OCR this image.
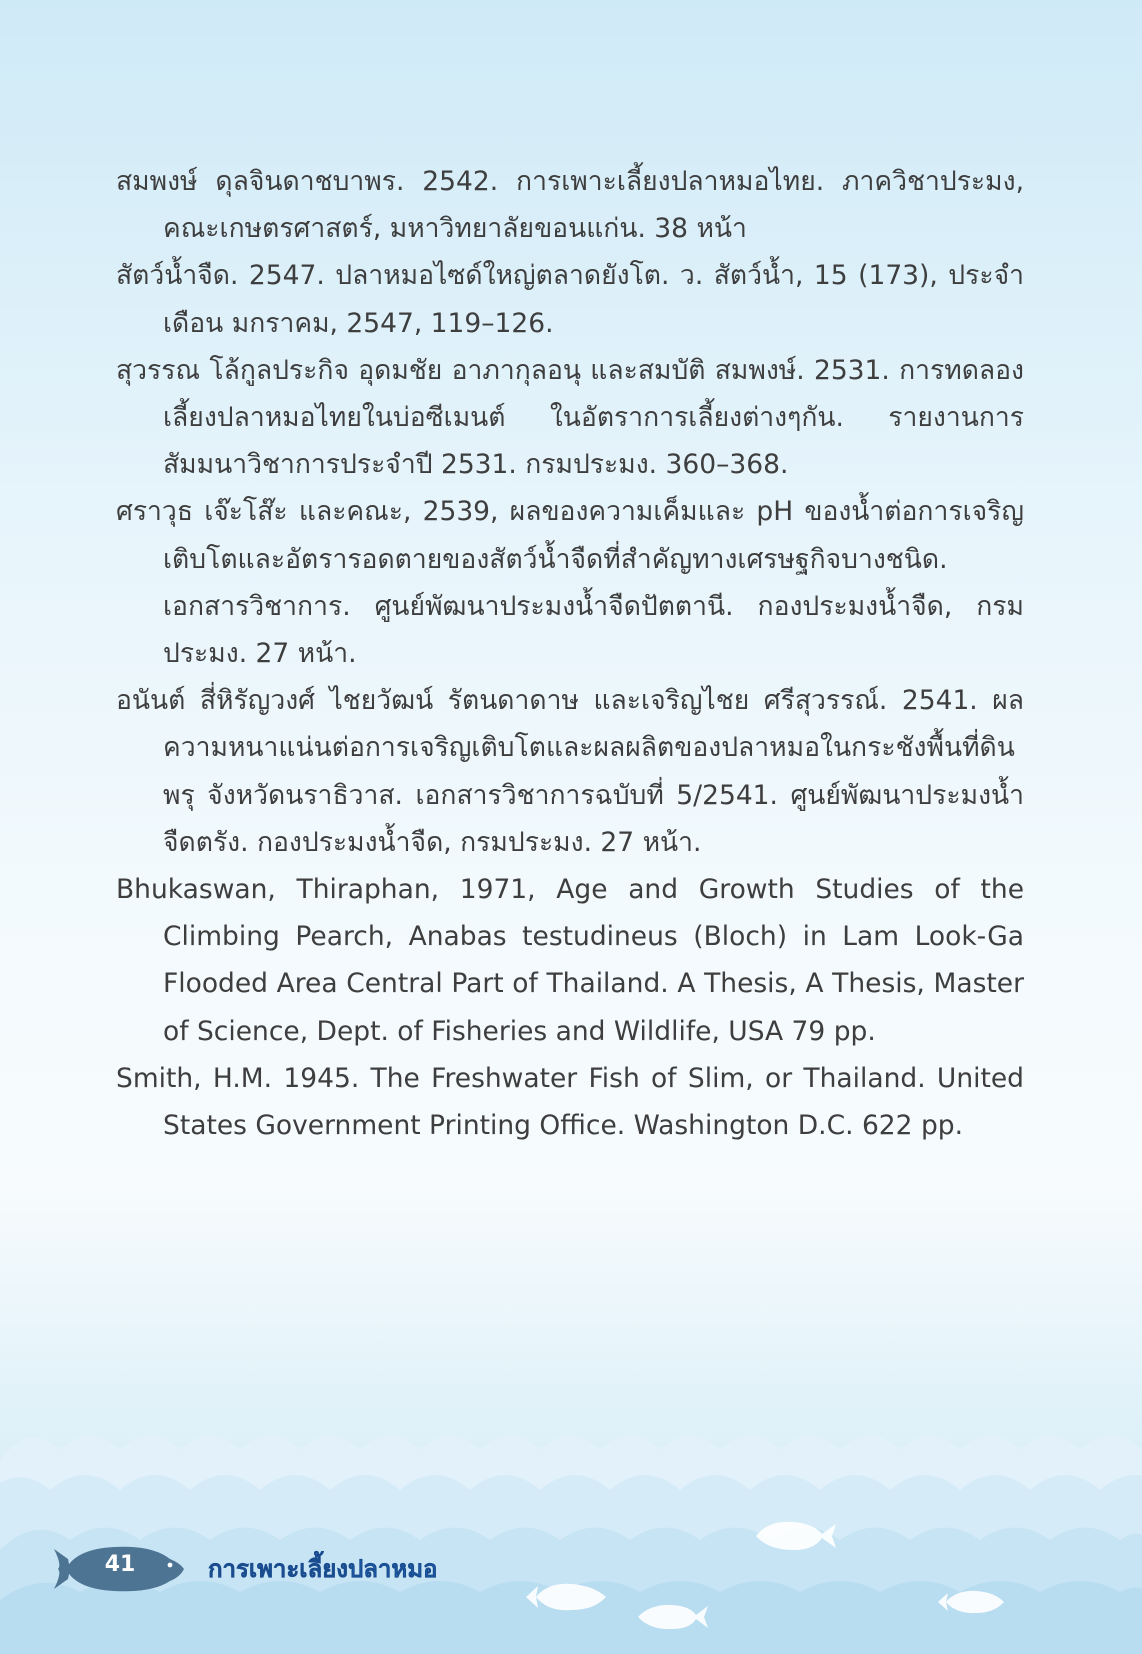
สมพงษ์ ดุลจินดาชบาพร. 2542. การเพาะเลี้ยงปลาหมอไทย. ภาควิชาประมง, คณะเกษตรศาสตร์, มหาวิทยาลัยขอนแก่น. 38 หน้า

สัตว์น้ำจืด. 2547. ปลาหมอไซด์ใหญ่ตลาดยังโต. ว. สัตว์น้ำ, 15 (173), ประจำเดือน มกราคม, 2547, 119–126.

สุวรรณ โล้กูลประกิจ อุดมชัย อาภากุลอนุ และสมบัติ สมพงษ์. 2531. การทดลองเลี้ยงปลาหมอไทยในบ่อซีเมนต์ ในอัตราการเลี้ยงต่างๆกัน. รายงานการสัมมนาวิชาการประจำปี 2531. กรมประมง. 360–368.

ศราวุธ เจ๊ะโส๊ะ และคณะ, 2539, ผลของความเค็มและ pH ของน้ำต่อการเจริญเติบโตและอัตรารอดตายของสัตว์น้ำจืดที่สำคัญทางเศรษฐกิจบางชนิด. เอกสารวิชาการ. ศูนย์พัฒนาประมงน้ำจืดปัตตานี. กองประมงน้ำจืด, กรมประมง. 27 หน้า.

อนันต์ สี่หิรัญวงศ์ ไชยวัฒน์ รัตนดาดาษ และเจริญไชย ศรีสุวรรณ์. 2541. ผลความหนาแน่นต่อการเจริญเติบโตและผลผลิตของปลาหมอในกระชังพื้นที่ดินพรุ จังหวัดนราธิวาส. เอกสารวิชาการฉบับที่ 5/2541. ศูนย์พัฒนาประมงน้ำจืดตรัง. กองประมงน้ำจืด, กรมประมง. 27 หน้า.

Bhukaswan, Thiraphan, 1971, Age and Growth Studies of the Climbing Pearch, Anabas testudineus (Bloch) in Lam Look-Ga Flooded Area Central Part of Thailand. A Thesis, A Thesis, Master of Science, Dept. of Fisheries and Wildlife, USA 79 pp.

Smith, H.M. 1945. The Freshwater Fish of Slim, or Thailand. United States Government Printing Office. Washington D.C. 622 pp.

41	การเพาะเลี้ยงปลาหมอ
